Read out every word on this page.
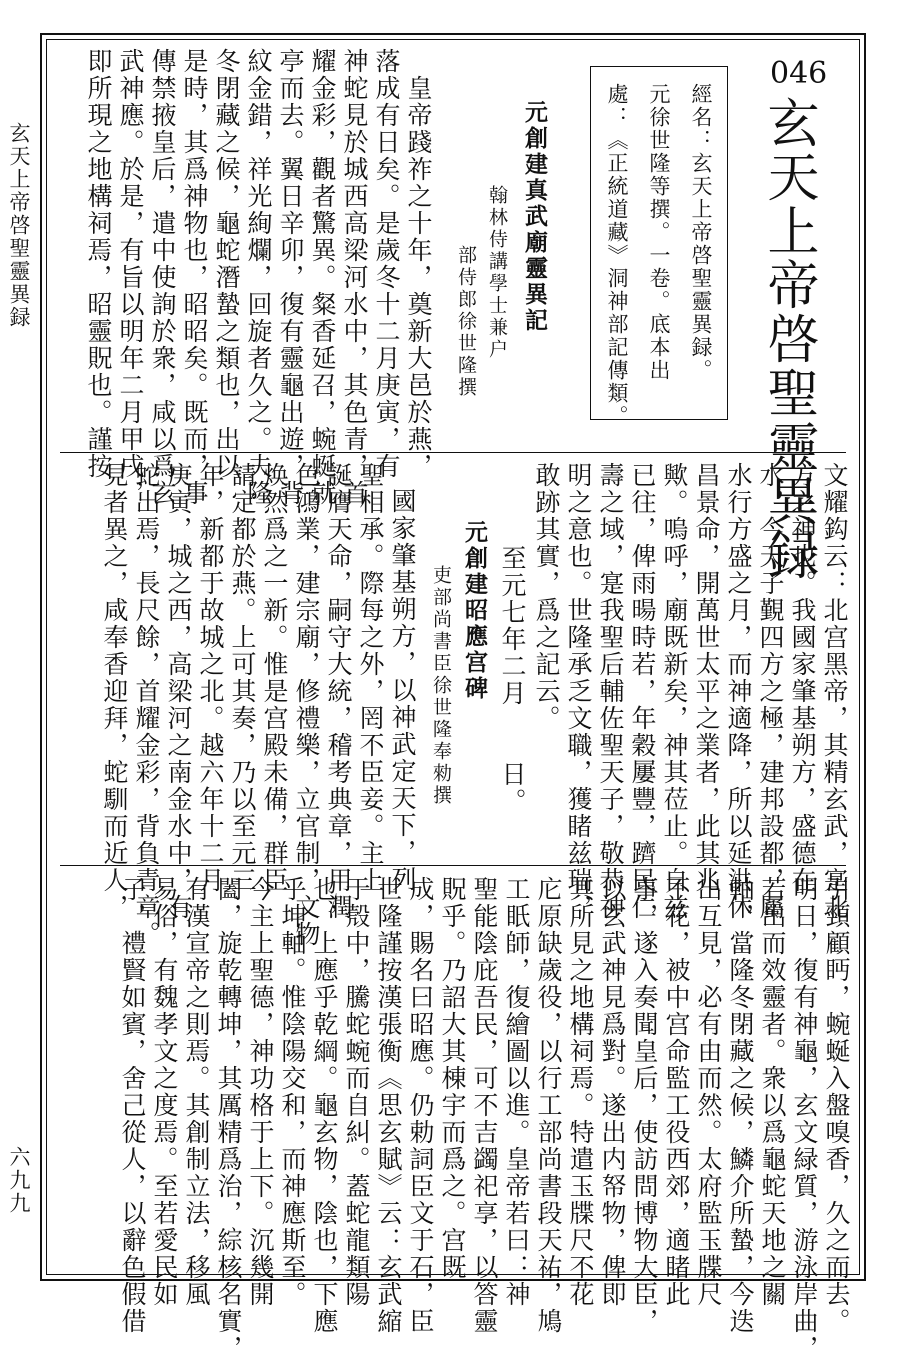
玄天上帝啓聖靈異録
六九九
046
玄天上帝啓聖靈異録
經名：玄天上帝啓聖靈異録。
元徐世隆等撰。一卷。底本出
處：《正統道藏》洞神部記傳類。
元創建真武廟靈異記
翰林侍講學士兼户
部侍郎徐世隆撰
皇帝踐祚之十年，奠新大邑於燕，
落成有日矣。是歲冬十二月庚寅，有
神蛇見於城西高梁河水中，其色青，首
耀金彩，觀者驚異。粲香延召，蜿蜒就
亭而去。翼日辛卯，復有靈龜出遊，背
紋金錯，祥光絢爛，回旋者久之。夫隆
冬閉藏之候，龜蛇潛蟄之類也，出以
是時，其爲神物也，昭昭矣。既而，事
傳禁掖皇后，遣中使詢於衆，咸以爲玄
武神應。於是，有旨以明年二月甲戌，
即所現之地構祠焉，昭靈貺也。謹按
文耀鈎云：北宫黑帝，其精玄武，寔北
方之神也。我國家肇基朔方，盛德在
水，今天子覲四方之極，建邦設都，屬
水行方盛之月，而神適降，所以延洪休
昌景命，開萬世太平之業者，此其兆
歟。嗚呼，廟既新矣，神其莅止。自兹
已往，俾雨暘時若，年穀屢豐，躋民仁
壽之域，寔我聖后輔佐聖天子，敬恭神
明之意也。世隆承乏文職，獲睹兹瑞，
敢跡其實，爲之記云。
至元七年二月　　日。
元創建昭應宫碑
吏部尚書臣徐世隆奉勑撰
國家肇基朔方，以神武定天下，列
聖相承。際每之外，罔不臣妾。主上
誕膺天命，嗣守大統，稽考典章，用潤
色鴻業，建宗廟，修禮樂，立官制，文物
焕然爲之一新。惟是宫殿未備，群臣
請定都於燕。上可其奏，乃以至元三
年，新都于故城之北。越六年十二月
庚寅，城之西，高梁河之南金水中，有
蛇出焉，長尺餘，首耀金彩，背負青章。
見者異之，咸奉香迎拜，蛇馴而近人，
引頸顧眄，蜿蜒入盤嗅香，久之而去。
明日，復有神龜，玄文緑質，游泳岸曲，
若出而效靈者。衆以爲龜蛇天地之關
軸，當隆冬閉藏之候，鱗介所蟄，今迭
出互見，必有由而然。太府監玉牒尺
不花，被中宫命監工役西郊，適睹此
事，遂入奏聞皇后，使訪問博物大臣，
以玄武神見爲對。遂出内帑物，俾即
其所見之地構祠焉。特遣玉牒尺不花
庀原缺歲役，以行工部尚書段天祐，鳩
工眂師，復繪圖以進。皇帝若曰：神
聖能陰庇吾民，可不吉蠲祀享，以答靈
貺乎。乃詔大其棟宇而爲之。宫既
成，賜名曰昭應。仍勅詞臣文于石，臣
世隆謹按漢張衡《思玄賦》云：玄武縮
于殼中，騰蛇蜿而自糾。蓋蛇龍類陽
也，上應乎乾綱。龜玄物，陰也，下應
乎坤軸。惟陰陽交和，而神應斯至。
今主上聖德，神功格于上下。沉幾開
闔，旋乾轉坤，其厲精爲治，綜核名實，
有漢宣帝之則焉。其創制立法，移風
易俗，有魏孝文之度焉。至若愛民如
子，禮賢如賓，舍己從人，以辭色假借
